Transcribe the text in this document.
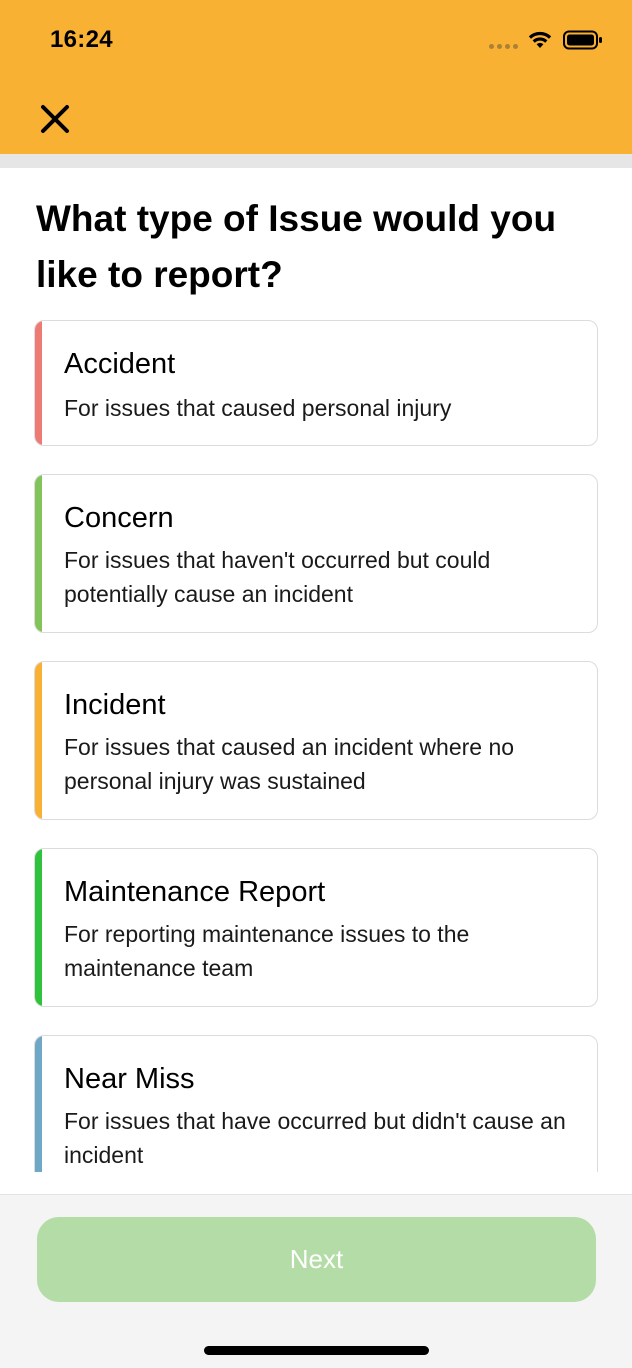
16:24
What type of Issue would you like to report?
Accident
For issues that caused personal injury
Concern
For issues that haven't occurred but could potentially cause an incident
Incident
For issues that caused an incident where no personal injury was sustained
Maintenance Report
For reporting maintenance issues to the maintenance team
Near Miss
For issues that have occurred but didn't cause an incident
Next
